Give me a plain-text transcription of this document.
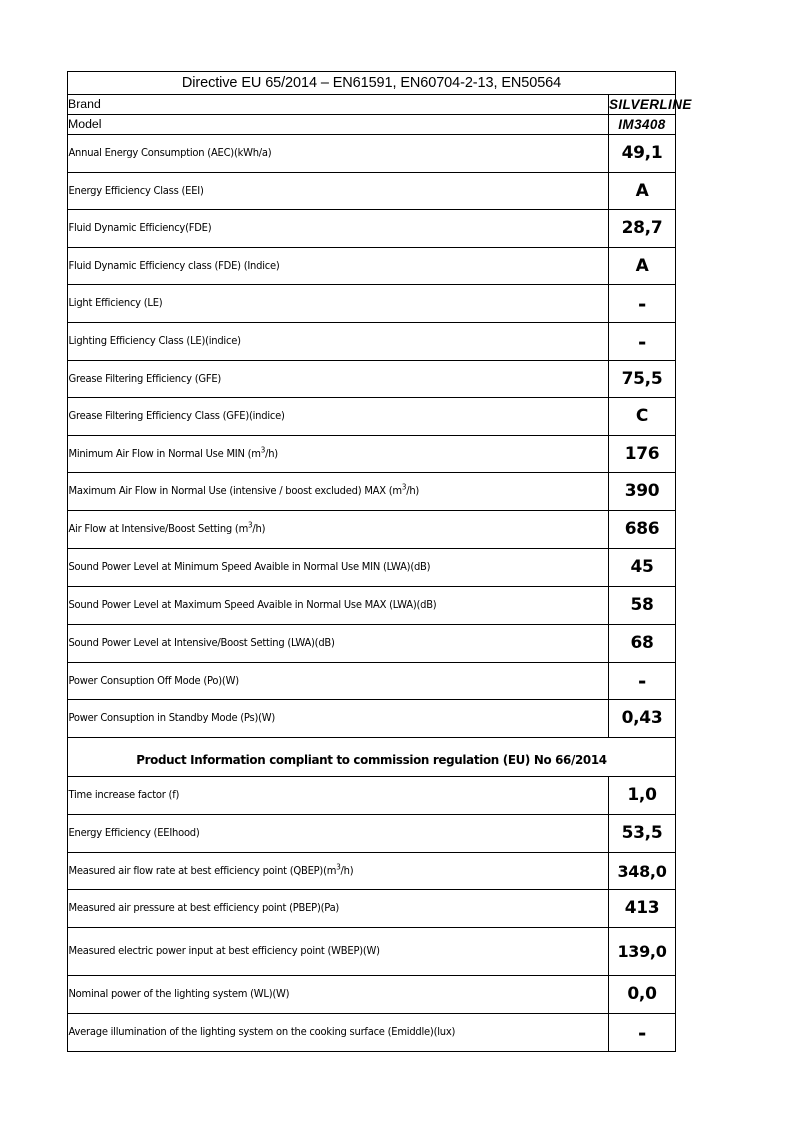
Directive EU 65/2014 – EN61591, EN60704-2-13, EN50564	
Brand	SILVERLINE
Model	IM3408
Annual Energy Consumption (AEC)(kWh/a)	49,1
Energy Efficiency Class (EEI)	A
Fluid Dynamic Efficiency(FDE)	28,7
Fluid Dynamic Efficiency class (FDE) (Indice)	A
Light Efficiency (LE)	-
Lighting Efficiency Class (LE)(indice)	-
Grease Filtering Efficiency (GFE)	75,5
Grease Filtering Efficiency Class (GFE)(indice)	C
Minimum Air Flow in Normal Use MIN $(m^3/h)$	176
Maximum Air Flow in Normal Use (intensive / boost excluded) MAX $(m^3/h)$	390
Air Flow at Intensive/Boost Setting $(m^3/h)$	686
Sound Power Level at Minimum Speed Avaible in Normal Use MIN (LWA)(dB)	45
Sound Power Level at Maximum Speed Avaible in Normal Use MAX (LWA)(dB)	58
Sound Power Level at Intensive/Boost Setting (LWA)(dB)	68
Power Consuption Off Mode (Po)(W)	-
Power Consuption in Standby Mode (Ps)(W)	0,43

Product Information compliant to commission regulation (EU) No 66/2014	

Time increase factor (f)	1,0
Energy Efficiency (EEIhood)	53,5
Measured air flow rate at best efficiency point $(QBEP)(m^3/h)$	348,0
Measured air pressure at best efficiency point (PBEP)(Pa)	413
Measured electric power input at best efficiency point (WBEP)(W)	139,0
Nominal power of the lighting system (WL)(W)	0,0
Average illumination of the lighting system on the cooking surface (Emiddle)(lux)	-
